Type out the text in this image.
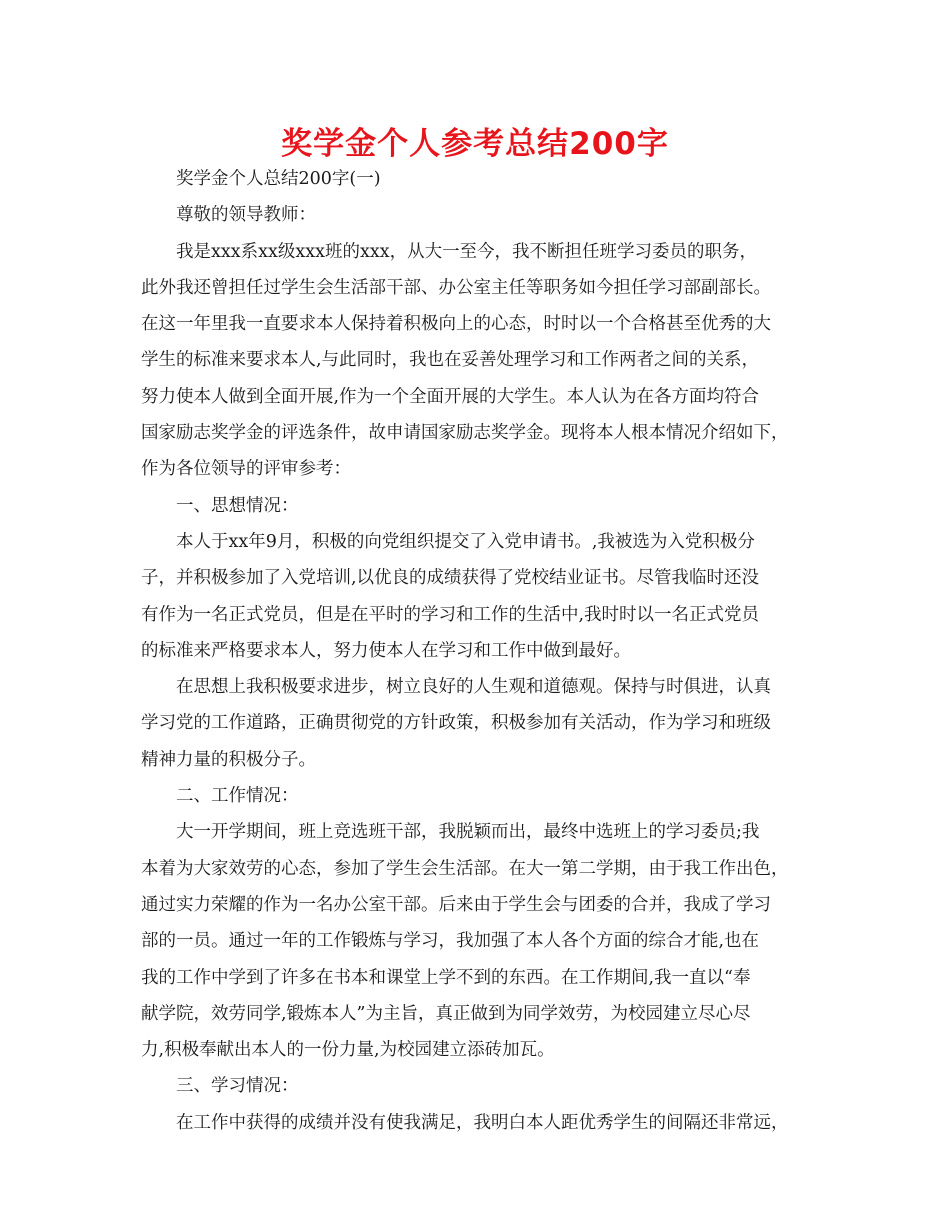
奖学金个人参考总结200字
奖学金个人总结200字(一)
尊敬的领导教师：
我是xxx系xx级xxx班的xxx，从大一至今，我不断担任班学习委员的职务，
此外我还曾担任过学生会生活部干部、办公室主任等职务如今担任学习部副部长。
在这一年里我一直要求本人保持着积极向上的心态，时时以一个合格甚至优秀的大
学生的标准来要求本人,与此同时，我也在妥善处理学习和工作两者之间的关系，
努力使本人做到全面开展,作为一个全面开展的大学生。本人认为在各方面均符合
国家励志奖学金的评选条件，故申请国家励志奖学金。现将本人根本情况介绍如下，
作为各位领导的评审参考：
一、思想情况：
本人于xx年9月，积极的向党组织提交了入党申请书。,我被选为入党积极分
子，并积极参加了入党培训,以优良的成绩获得了党校结业证书。尽管我临时还没
有作为一名正式党员，但是在平时的学习和工作的生活中,我时时以一名正式党员
的标准来严格要求本人，努力使本人在学习和工作中做到最好。
在思想上我积极要求进步，树立良好的人生观和道德观。保持与时俱进，认真
学习党的工作道路，正确贯彻党的方针政策，积极参加有关活动，作为学习和班级
精神力量的积极分子。
二、工作情况：
大一开学期间，班上竞选班干部，我脱颖而出，最终中选班上的学习委员;我
本着为大家效劳的心态，参加了学生会生活部。在大一第二学期，由于我工作出色，
通过实力荣耀的作为一名办公室干部。后来由于学生会与团委的合并，我成了学习
部的一员。通过一年的工作锻炼与学习，我加强了本人各个方面的综合才能,也在
我的工作中学到了许多在书本和课堂上学不到的东西。在工作期间,我一直以“奉
献学院，效劳同学,锻炼本人”为主旨，真正做到为同学效劳，为校园建立尽心尽
力,积极奉献出本人的一份力量,为校园建立添砖加瓦。
三、学习情况：
在工作中获得的成绩并没有使我满足，我明白本人距优秀学生的间隔还非常远，
